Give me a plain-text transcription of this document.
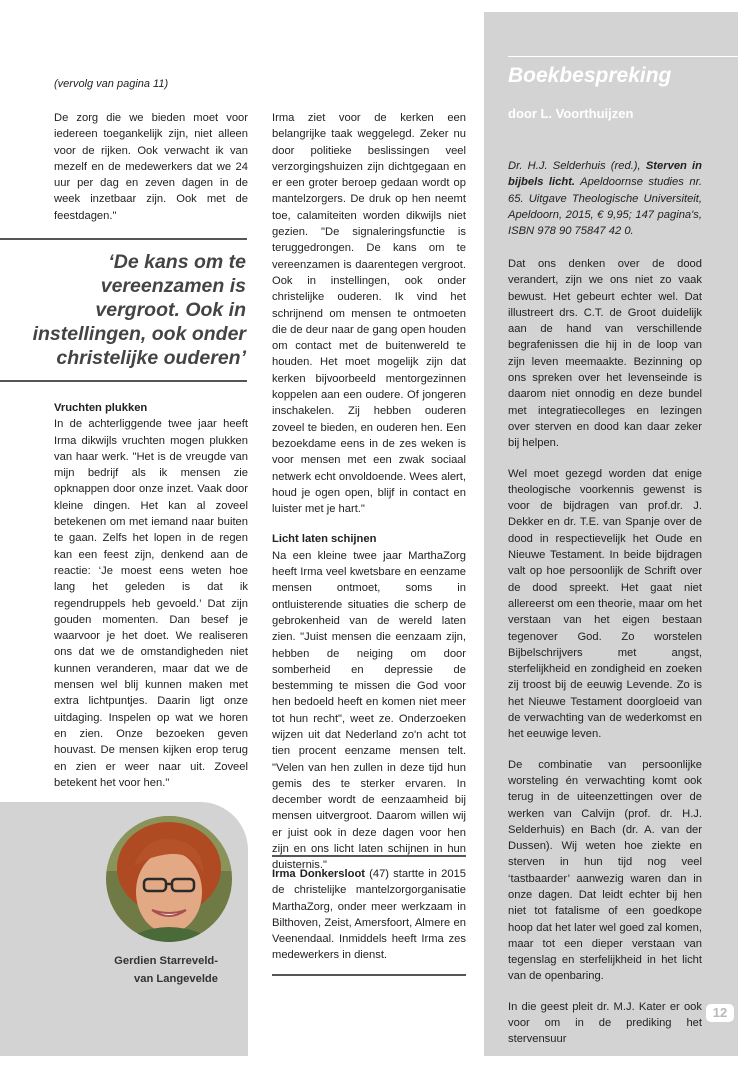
(vervolg van pagina 11)

De zorg die we bieden moet voor iedereen toegankelijk zijn, niet alleen voor de rijken. Ook verwacht ik van mezelf en de medewerkers dat we 24 uur per dag en zeven dagen in de week inzetbaar zijn. Ook met de feestdagen."

‘De kans om te vereenzamen is vergroot. Ook in instellingen, ook onder christelijke ouderen’
Vruchten plukken

In de achterliggende twee jaar heeft Irma dikwijls vruchten mogen plukken van haar werk. "Het is de vreugde van mijn bedrijf als ik mensen zie opknappen door onze inzet. Vaak door kleine dingen. Het kan al zoveel betekenen om met iemand naar buiten te gaan. Zelfs het lopen in de regen kan een feest zijn, denkend aan de reactie: ‘Je moest eens weten hoe lang het geleden is dat ik regendruppels heb gevoeld.’ Dat zijn gouden momenten. Dan besef je waarvoor je het doet. We realiseren ons dat we de omstandigheden niet kunnen veranderen, maar dat we de mensen wel blij kunnen maken met extra lichtpuntjes. Daarin ligt onze uitdaging. Inspelen op wat we horen en zien. Onze bezoeken geven houvast. De mensen kijken erop terug en zien er weer naar uit. Zoveel betekent het voor hen."

Gerdien Starreveld-
van Langevelde

Irma ziet voor de kerken een belangrijke taak weggelegd. Zeker nu door politieke beslissingen veel verzorgingshuizen zijn dichtgegaan en er een groter beroep gedaan wordt op mantelzorgers. De druk op hen neemt toe, calamiteiten worden dikwijls niet gezien. "De signaleringsfunctie is teruggedrongen. De kans om te vereenzamen is daarentegen vergroot. Ook in instellingen, ook onder christelijke ouderen. Ik vind het schrijnend om mensen te ontmoeten die de deur naar de gang open houden om contact met de buitenwereld te houden. Het moet mogelijk zijn dat kerken bijvoorbeeld mentorgezinnen koppelen aan een oudere. Of jongeren inschakelen. Zij hebben ouderen zoveel te bieden, en ouderen hen. Een bezoekdame eens in de zes weken is voor mensen met een zwak sociaal netwerk echt onvoldoende. Wees alert, houd je ogen open, blijf in contact en luister met je hart."

Licht laten schijnen

Na een kleine twee jaar MarthaZorg heeft Irma veel kwetsbare en eenzame mensen ontmoet, soms in ontluisterende situaties die scherp de gebrokenheid van de wereld laten zien. "Juist mensen die eenzaam zijn, hebben de neiging om door somberheid en depressie de bestemming te missen die God voor hen bedoeld heeft en komen niet meer tot hun recht", weet ze. Onderzoeken wijzen uit dat Nederland zo'n acht tot tien procent eenzame mensen telt. "Velen van hen zullen in deze tijd hun gemis des te sterker ervaren. In december wordt de eenzaamheid bij mensen uitvergroot. Daarom willen wij er juist ook in deze dagen voor hen zijn en ons licht laten schijnen in hun duisternis."

Irma Donkersloot (47) startte in 2015 de christelijke mantelzorgorganisatie MarthaZorg, onder meer werkzaam in Bilthoven, Zeist, Amersfoort, Almere en Veenendaal. Inmiddels heeft Irma zes medewerkers in dienst.
Boekbespreking
door L. Voorthuijzen
Dr. H.J. Selderhuis (red.), Sterven in bijbels licht. Apeldoornse studies nr. 65. Uitgave Theologische Universiteit, Apeldoorn, 2015, € 9,95; 147 pagina's, ISBN 978 90 75847 42 0.

Dat ons denken over de dood verandert, zijn we ons niet zo vaak bewust. Het gebeurt echter wel. Dat illustreert drs. C.T. de Groot duidelijk aan de hand van verschillende begrafenissen die hij in de loop van zijn leven meemaakte. Bezinning op ons spreken over het levenseinde is daarom niet onnodig en deze bundel met integratiecolleges en lezingen over sterven en dood kan daar zeker bij helpen.

Wel moet gezegd worden dat enige theologische voorkennis gewenst is voor de bijdragen van prof.dr. J. Dekker en dr. T.E. van Spanje over de dood in respectievelijk het Oude en Nieuwe Testament. In beide bijdragen valt op hoe persoonlijk de Schrift over de dood spreekt. Het gaat niet allereerst om een theorie, maar om het verstaan van het eigen bestaan tegenover God. Zo worstelen Bijbelschrijvers met angst, sterfelijkheid en zondigheid en zoeken zij troost bij de eeuwig Levende. Zo is het Nieuwe Testament doorgloeid van de verwachting van de wederkomst en het eeuwige leven.

De combinatie van persoonlijke worsteling én verwachting komt ook terug in de uiteenzettingen over de werken van Calvijn (prof. dr. H.J. Selderhuis) en Bach (dr. A. van der Dussen). Wij weten hoe ziekte en sterven in hun tijd nog veel ‘tastbaarder’ aanwezig waren dan in onze dagen. Dat leidt echter bij hen niet tot fatalisme of een goedkope hoop dat het later wel goed zal komen, maar tot een dieper verstaan van tegenslag en sterfelijkheid in het licht van de openbaring.

In die geest pleit dr. M.J. Kater er ook voor om in de prediking het stervensuur

12
